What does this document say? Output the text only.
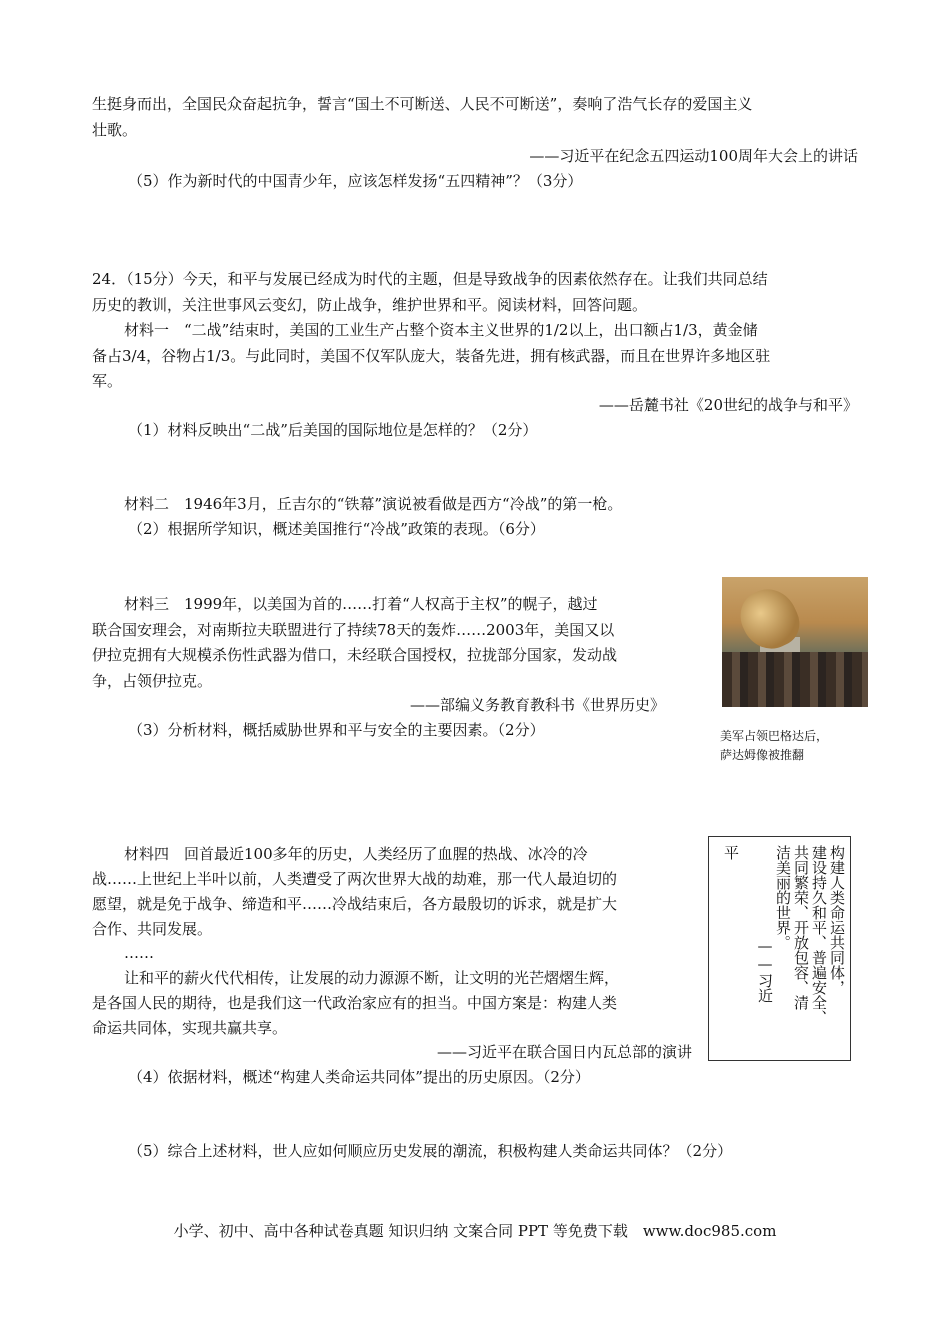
生挺身而出，全国民众奋起抗争，誓言“国土不可断送、人民不可断送”，奏响了浩气长存的爱国主义
壮歌。
——习近平在纪念五四运动100周年大会上的讲话
（5）作为新时代的中国青少年，应该怎样发扬“五四精神”？（3分）
24．（15分）今天，和平与发展已经成为时代的主题，但是导致战争的因素依然存在。让我们共同总结
历史的教训，关注世事风云变幻，防止战争，维护世界和平。阅读材料，回答问题。
材料一　“二战”结束时，美国的工业生产占整个资本主义世界的1/2以上，出口额占1/3，黄金储
备占3/4，谷物占1/3。与此同时，美国不仅军队庞大，装备先进，拥有核武器，而且在世界许多地区驻
军。
——岳麓书社《20世纪的战争与和平》
（1）材料反映出“二战”后美国的国际地位是怎样的？（2分）
材料二　1946年3月，丘吉尔的“铁幕”演说被看做是西方“冷战”的第一枪。
（2）根据所学知识，概述美国推行“冷战”政策的表现。（6分）
材料三　1999年，以美国为首的……打着“人权高于主权”的幌子，越过
联合国安理会，对南斯拉夫联盟进行了持续78天的轰炸……2003年，美国又以
伊拉克拥有大规模杀伤性武器为借口，未经联合国授权，拉拢部分国家，发动战
争，占领伊拉克。
——部编义务教育教科书《世界历史》
（3）分析材料，概括威胁世界和平与安全的主要因素。（2分）	美军占领巴格达后，
萨达姆像被推翻
材料四　回首最近100多年的历史，人类经历了血腥的热战、冰冷的冷
战……上世纪上半叶以前，人类遭受了两次世界大战的劫难，那一代人最迫切的
愿望，就是免于战争、缔造和平……冷战结束后，各方最殷切的诉求，就是扩大
合作、共同发展。
……
让和平的薪火代代相传，让发展的动力源源不断，让文明的光芒熠熠生辉，
是各国人民的期待，也是我们这一代政治家应有的担当。中国方案是：构建人类
命运共同体，实现共赢共享。
——习近平在联合国日内瓦总部的演讲
（4）依据材料，概述“构建人类命运共同体”提出的历史原因。（2分）
构建人类命运共同体，
建设持久和平、普遍安全、
共同繁荣、开放包容、清
洁美丽的世界。
——习近
平
（5）综合上述材料，世人应如何顺应历史发展的潮流，积极构建人类命运共同体？（2分）
小学、初中、高中各种试卷真题 知识归纳 文案合同 PPT 等免费下载　www.doc985.com
